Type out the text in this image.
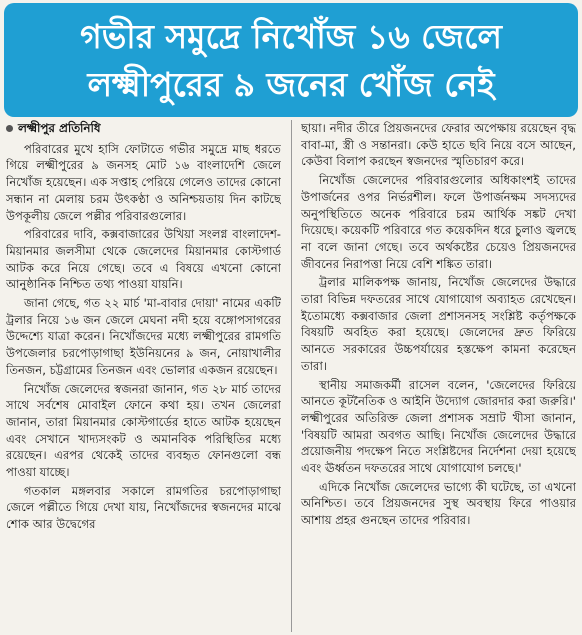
গভীর সমুদ্রে নিখোঁজ ১৬ জেলে
লক্ষ্মীপুরের ৯ জনের খোঁজ নেই
লক্ষ্মীপুর প্রতিনিধি

পরিবারের মুখে হাসি ফোটাতে গভীর সমুদ্রে মাছ ধরতে গিয়ে লক্ষ্মীপুরের ৯ জনসহ মোট ১৬ বাংলাদেশি জেলে নিখোঁজ হয়েছেন। এক সপ্তাহ পেরিয়ে গেলেও তাদের কোনো সন্ধান না মেলায় চরম উৎকণ্ঠা ও অনিশ্চয়তায় দিন কাটছে উপকূলীয় জেলে পল্লীর পরিবারগুলোর।

পরিবারের দাবি, কক্সবাজারের উখিয়া সংলগ্ন বাংলাদেশ-মিয়ানমার জলসীমা থেকে জেলেদের মিয়ানমার কোস্টগার্ড আটক করে নিয়ে গেছে। তবে এ বিষয়ে এখনো কোনো আনুষ্ঠানিক নিশ্চিত তথ্য পাওয়া যায়নি।

জানা গেছে, গত ২২ মার্চ 'মা-বাবার দোয়া' নামের একটি ট্রলার নিয়ে ১৬ জন জেলে মেঘনা নদী হয়ে বঙ্গোপসাগরের উদ্দেশ্যে যাত্রা করেন। নিখোঁজদের মধ্যে লক্ষ্মীপুরের রামগতি উপজেলার চরপোড়াগাছা ইউনিয়নের ৯ জন, নোয়াখালীর তিনজন, চট্টগ্রামের তিনজন এবং ভোলার একজন রয়েছেন।

নিখোঁজ জেলেদের স্বজনরা জানান, গত ২৮ মার্চ তাদের সাথে সর্বশেষ মোবাইল ফোনে কথা হয়। তখন জেলেরা জানান, তারা মিয়ানমার কোস্টগার্ডের হাতে আটক হয়েছেন এবং সেখানে খাদ্যসংকট ও অমানবিক পরিস্থিতির মধ্যে রয়েছেন। এরপর থেকেই তাদের ব্যবহৃত ফোনগুলো বন্ধ পাওয়া যাচ্ছে।

গতকাল মঙ্গলবার সকালে রামগতির চরপোড়াগাছা জেলে পল্লীতে গিয়ে দেখা যায়, নিখোঁজদের স্বজনদের মাঝে শোক আর উদ্বেগের

ছায়া। নদীর তীরে প্রিয়জনদের ফেরার অপেক্ষায় রয়েছেন বৃদ্ধ বাবা-মা, স্ত্রী ও সন্তানরা। কেউ হাতে ছবি নিয়ে বসে আছেন, কেউবা বিলাপ করছেন স্বজনদের স্মৃতিচারণ করে।

নিখোঁজ জেলেদের পরিবারগুলোর অধিকাংশই তাদের উপার্জনের ওপর নির্ভরশীল। ফলে উপার্জনক্ষম সদস্যদের অনুপস্থিতিতে অনেক পরিবারে চরম আর্থিক সঙ্কট দেখা দিয়েছে। কয়েকটি পরিবারে গত কয়েকদিন ধরে চুলাও জ্বলছে না বলে জানা গেছে। তবে অর্থকষ্টের চেয়েও প্রিয়জনদের জীবনের নিরাপত্তা নিয়ে বেশি শঙ্কিত তারা।

ট্রলার মালিকপক্ষ জানায়, নিখোঁজ জেলেদের উদ্ধারে তারা বিভিন্ন দফতরের সাথে যোগাযোগ অব্যাহত রেখেছেন। ইতোমধ্যে কক্সবাজার জেলা প্রশাসনসহ সংশ্লিষ্ট কর্তৃপক্ষকে বিষয়টি অবহিত করা হয়েছে। জেলেদের দ্রুত ফিরিয়ে আনতে সরকারের উচ্চপর্যায়ের হস্তক্ষেপ কামনা করেছেন তারা।

স্থানীয় সমাজকর্মী রাসেল বলেন, 'জেলেদের ফিরিয়ে আনতে কূটনৈতিক ও আইনি উদ্যোগ জোরদার করা জরুরি।' লক্ষ্মীপুরের অতিরিক্ত জেলা প্রশাসক সম্রাট খীসা জানান, 'বিষয়টি আমরা অবগত আছি। নিখোঁজ জেলেদের উদ্ধারে প্রয়োজনীয় পদক্ষেপ নিতে সংশ্লিষ্টদের নির্দেশনা দেয়া হয়েছে এবং ঊর্ধ্বতন দফতরের সাথে যোগাযোগ চলছে।'

এদিকে নিখোঁজ জেলেদের ভাগ্যে কী ঘটেছে, তা এখনো অনিশ্চিত। তবে প্রিয়জনদের সুস্থ অবস্থায় ফিরে পাওয়ার আশায় প্রহর গুনছেন তাদের পরিবার।
